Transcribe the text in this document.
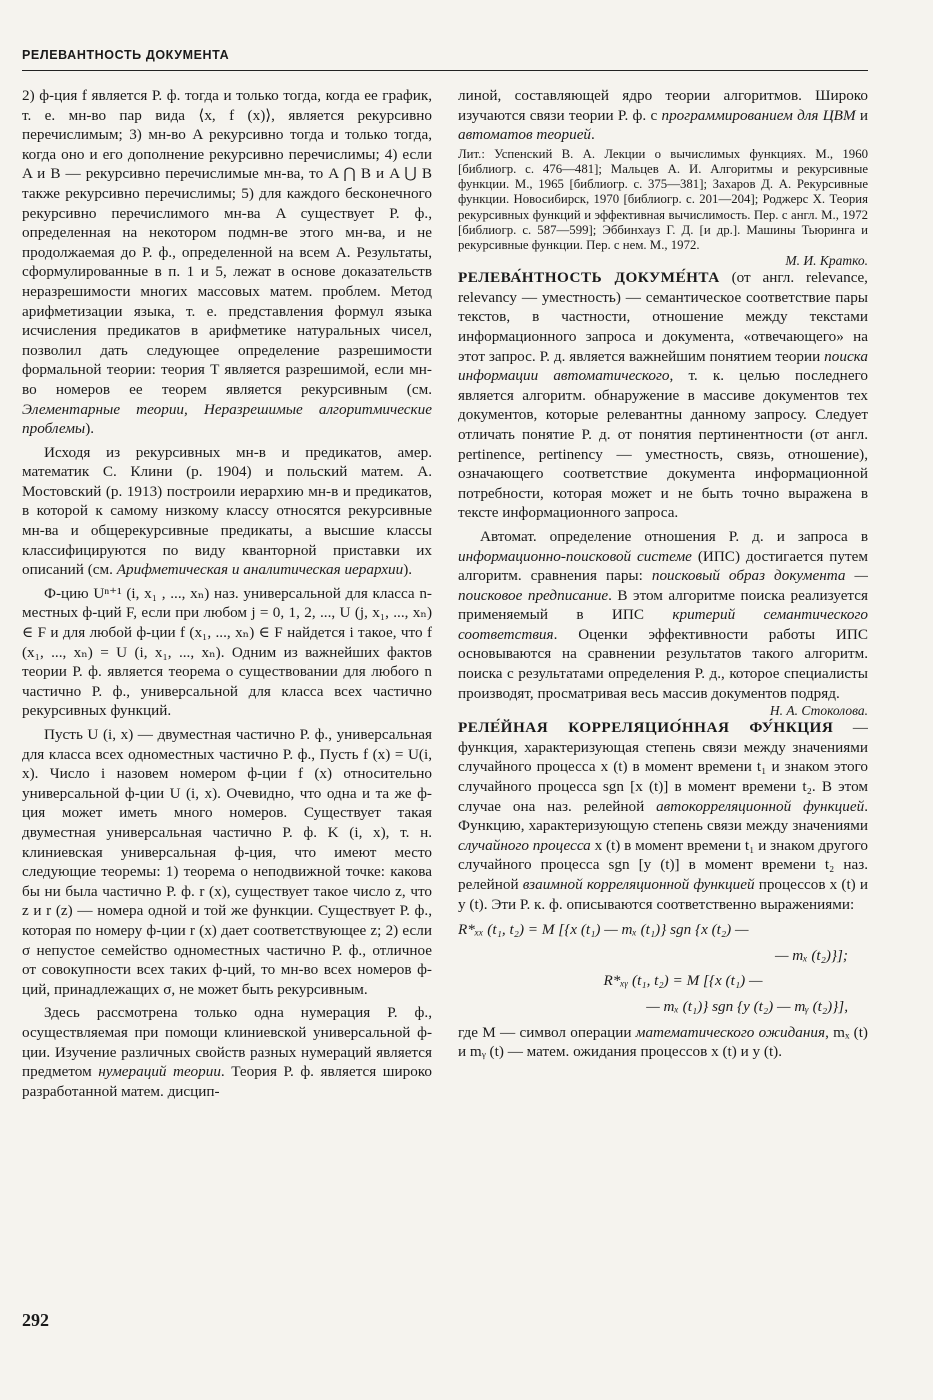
РЕЛЕВАНТНОСТЬ ДОКУМЕНТА

2) ф-ция f является Р. ф. тогда и только тогда, когда ее график, т. е. мн-во пар вида ⟨x, f (x)⟩, является рекурсивно перечислимым; 3) мн-во A рекурсивно тогда и только тогда, когда оно и его дополнение рекурсивно перечислимы; 4) если A и B — рекурсивно перечислимые мн-ва, то A ⋂ B и A ⋃ B также рекурсивно перечислимы; 5) для каждого бесконечного рекурсивно перечислимого мн-ва A существует Р. ф., определенная на некотором подмн-ве этого мн-ва, и не продолжаемая до Р. ф., определенной на всем A. Результаты, сформулированные в п. 1 и 5, лежат в основе доказательств неразрешимости многих массовых матем. проблем. Метод арифметизации языка, т. е. представления формул языка исчисления предикатов в арифметике натуральных чисел, позволил дать следующее определение разрешимости формальной теории: теория T является разрешимой, если мн-во номеров ее теорем является рекурсивным (см. Элементарные теории, Неразрешимые алгоритмические проблемы).

Исходя из рекурсивных мн-в и предикатов, амер. математик С. Клини (р. 1904) и польский матем. А. Мостовский (р. 1913) построили иерархию мн-в и предикатов, в которой к самому низкому классу относятся рекурсивные мн-ва и общерекурсивные предикаты, а высшие классы классифицируются по виду кванторной приставки их описаний (см. Арифметическая и аналитическая иерархии).

Ф-цию Uⁿ⁺¹ (i, x₁ , ..., xₙ) наз. универсальной для класса n-местных ф-ций F, если при любом j = 0, 1, 2, ..., U (j, x₁, ..., xₙ) ∈ F и для любой ф-ции f (x₁, ..., xₙ) ∈ F найдется i такое, что f (x₁, ..., xₙ) = U (i, x₁, ..., xₙ). Одним из важнейших фактов теории Р. ф. является теорема о существовании для любого n частично Р. ф., универсальной для класса всех частично рекурсивных функций.

Пусть U (i, x) — двуместная частично Р. ф., универсальная для класса всех одноместных частично Р. ф., Пусть f (x) = U(i, x). Число i назовем номером ф-ции f (x) относительно универсальной ф-ции U (i, x). Очевидно, что одна и та же ф-ция может иметь много номеров. Существует такая двуместная универсальная частично Р. ф. K (i, x), т. н. клиниевская универсальная ф-ция, что имеют место следующие теоремы: 1) теорема о неподвижной точке: какова бы ни была частично Р. ф. r (x), существует такое число z, что z и r (z) — номера одной и той же функции. Существует Р. ф., которая по номеру ф-ции r (x) дает соответствующее z; 2) если σ непустое семейство одноместных частично Р. ф., отличное от совокупности всех таких ф-ций, то мн-во всех номеров ф-ций, принадлежащих σ, не может быть рекурсивным.

Здесь рассмотрена только одна нумерация Р. ф., осуществляемая при помощи клиниевской универсальной ф-ции. Изучение различных свойств разных нумераций является предметом нумераций теории. Теория Р. ф. является широко разработанной матем. дисцип-

линой, составляющей ядро теории алгоритмов. Широко изучаются связи теории Р. ф. с программированием для ЦВМ и автоматов теорией.

Лит.: Успенский В. А. Лекции о вычислимых функциях. М., 1960 [библиогр. с. 476—481]; Мальцев А. И. Алгоритмы и рекурсивные функции. М., 1965 [библиогр. с. 375—381]; Захаров Д. А. Рекурсивные функции. Новосибирск, 1970 [библиогр. с. 201—204]; Роджерс Х. Теория рекурсивных функций и эффективная вычислимость. Пер. с англ. М., 1972 [библиогр. с. 587—599]; Эббинхауз Г. Д. [и др.]. Машины Тьюринга и рекурсивные функции. Пер. с нем. М., 1972.

М. И. Кратко.

РЕЛЕВА́НТНОСТЬ ДОКУМЕ́НТА (от англ. relevance, relevancy — уместность) — семантическое соответствие пары текстов, в частности, отношение между текстами информационного запроса и документа, «отвечающего» на этот запрос. Р. д. является важнейшим понятием теории поиска информации автоматического, т. к. целью последнего является алгоритм. обнаружение в массиве документов тех документов, которые релевантны данному запросу. Следует отличать понятие Р. д. от понятия пертинентности (от англ. pertinence, pertinency — уместность, связь, отношение), означающего соответствие документа информационной потребности, которая может и не быть точно выражена в тексте информационного запроса.

Автомат. определение отношения Р. д. и запроса в информационно-поисковой системе (ИПС) достигается путем алгоритм. сравнения пары: поисковый образ документа — поисковое предписание. В этом алгоритме поиска реализуется применяемый в ИПС критерий семантического соответствия. Оценки эффективности работы ИПС основываются на сравнении результатов такого алгоритм. поиска с результатами определения Р. д., которое специалисты производят, просматривая весь массив документов подряд.

Н. А. Стоколова.

РЕЛЕ́ЙНАЯ КОРРЕЛЯЦИО́ННАЯ ФУ́НКЦИЯ — функция, характеризующая степень связи между значениями случайного процесса x (t) в момент времени t₁ и знаком этого случайного процесса sgn [x (t)] в момент времени t₂. В этом случае она наз. релейной автокорреляционной функцией. Функцию, характеризующую степень связи между значениями случайного процесса x (t) в момент времени t₁ и знаком другого случайного процесса sgn [y (t)] в момент времени t₂ наз. релейной взаимной корреляционной функцией процессов x (t) и y (t). Эти Р. к. ф. описываются соответственно выражениями:

R*ₓₓ (t₁, t₂) = M [{x (t₁) — mₓ (t₁)} sgn {x (t₂) —

— mₓ (t₂)}];

R*ₓᵧ (t₁, t₂) = M [{x (t₁) —

— mₓ (t₁)} sgn {y (t₂) — mᵧ (t₂)}],

где M — символ операции математического ожидания, mₓ (t) и mᵧ (t) — матем. ожидания процессов x (t) и y (t).

292
